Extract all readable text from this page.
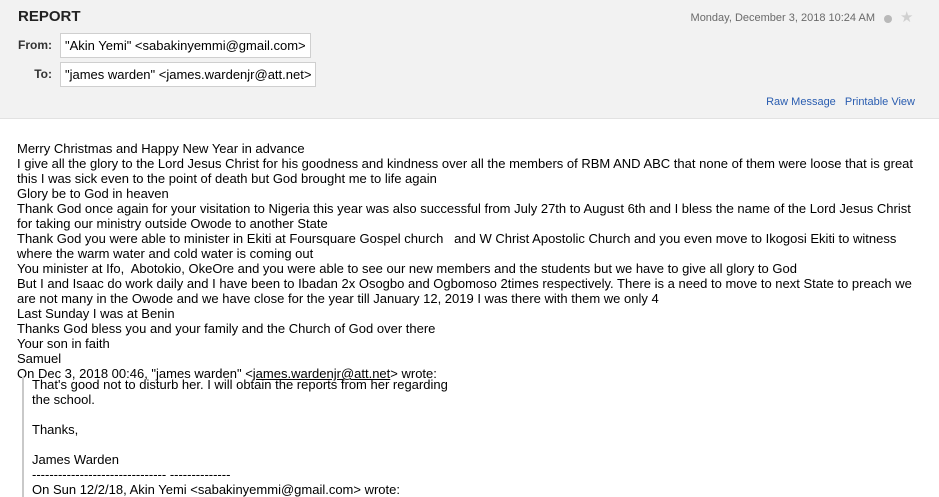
REPORT	Monday, December 3, 2018 10:24 AM ★
From:	"Akin Yemi" <sabakinyemmi@gmail.com>
To:	"james warden" <james.wardenjr@att.net>
Raw Message Printable View
Merry Christmas and Happy New Year in advance
I give all the glory to the Lord Jesus Christ for his goodness and kindness over all the members of RBM AND ABC that none of them were loose that is great
this I was sick even to the point of death but God brought me to life again
Glory be to God in heaven
Thank God once again for your visitation to Nigeria this year was also successful from July 27th to August 6th and I bless the name of the Lord Jesus Christ
for taking our ministry outside Owode to another State
Thank God you were able to minister in Ekiti at Foursquare Gospel church   and W Christ Apostolic Church and you even move to Ikogosi Ekiti to witness
where the warm water and cold water is coming out
You minister at Ifo,  Abotokio, OkeOre and you were able to see our new members and the students but we have to give all glory to God
But I and Isaac do work daily and I have been to Ibadan 2x Osogbo and Ogbomoso 2times respectively. There is a need to move to next State to preach we
are not many in the Owode and we have close for the year till January 12, 2019 I was there with them we only 4
Last Sunday I was at Benin
Thanks God bless you and your family and the Church of God over there
Your son in faith
Samuel
On Dec 3, 2018 00:46, "james warden" <james.wardenjr@att.net> wrote:
That's good not to disturb her. I will obtain the reports from her regarding
the school.
Thanks,
James Warden
------------------------------- --------------
On Sun 12/2/18, Akin Yemi <sabakinyemmi@gmail.com> wrote:
